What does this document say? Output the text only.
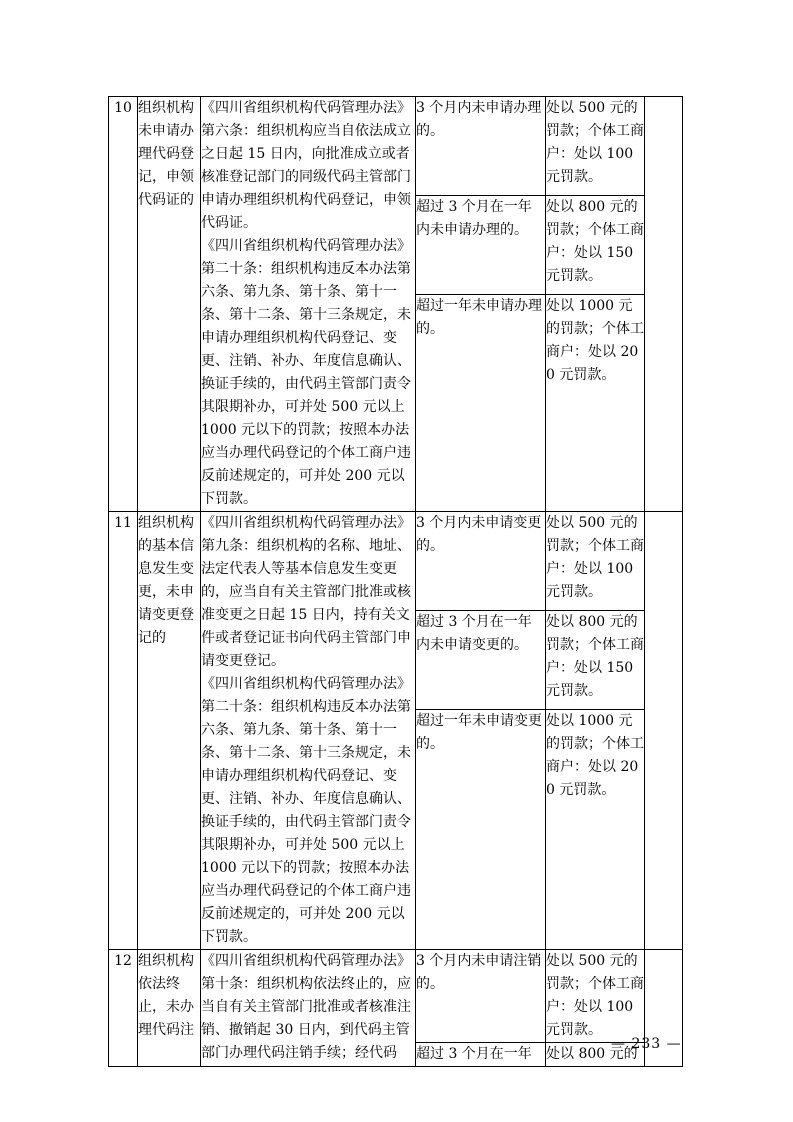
10	组织机构未申请办理代码登记，申领代码证的	《四川省组织机构代码管理办法》第六条：组织机构应当自依法成立之日起 15 日内，向批准成立或者核准登记部门的同级代码主管部门申请办理组织机构代码登记，申领代码证。
《四川省组织机构代码管理办法》第二十条：组织机构违反本办法第六条、第九条、第十条、第十一条、第十二条、第十三条规定，未申请办理组织机构代码登记、变更、注销、补办、年度信息确认、换证手续的，由代码主管部门责令其限期补办，可并处 500 元以上 1000 元以下的罚款；按照本办法应当办理代码登记的个体工商户违反前述规定的，可并处 200 元以下罚款。	3 个月内未申请办理的。	处以 500 元的罚款；个体工商户：处以 100 元罚款。	
			超过 3 个月在一年内未申请办理的。	处以 800 元的罚款；个体工商户：处以 150 元罚款。	
			超过一年未申请办理的。	处以 1000 元的罚款；个体工商户：处以 200 元罚款。	
11	组织机构的基本信息发生变更，未申请变更登记的	《四川省组织机构代码管理办法》第九条：组织机构的名称、地址、法定代表人等基本信息发生变更的，应当自有关主管部门批准或核准变更之日起 15 日内，持有关文件或者登记证书向代码主管部门申请变更登记。
《四川省组织机构代码管理办法》第二十条：组织机构违反本办法第六条、第九条、第十条、第十一条、第十二条、第十三条规定，未申请办理组织机构代码登记、变更、注销、补办、年度信息确认、换证手续的，由代码主管部门责令其限期补办，可并处 500 元以上 1000 元以下的罚款；按照本办法应当办理代码登记的个体工商户违反前述规定的，可并处 200 元以下罚款。	3 个月内未申请变更的。	处以 500 元的罚款；个体工商户：处以 100 元罚款。	
			超过 3 个月在一年内未申请变更的。	处以 800 元的罚款；个体工商户：处以 150 元罚款。	
			超过一年未申请变更的。	处以 1000 元的罚款；个体工商户：处以 200 元罚款。	
12	组织机构依法终止，未办理代码注	《四川省组织机构代码管理办法》第十条：组织机构依法终止的，应当自有关主管部门批准或者核准注销、撤销起 30 日内，到代码主管部门办理代码注销手续；经代码	3 个月内未申请注销的。	处以 500 元的罚款；个体工商户：处以 100 元罚款。	
			超过 3 个月在一年	处以 800 元的	
— 233 —
